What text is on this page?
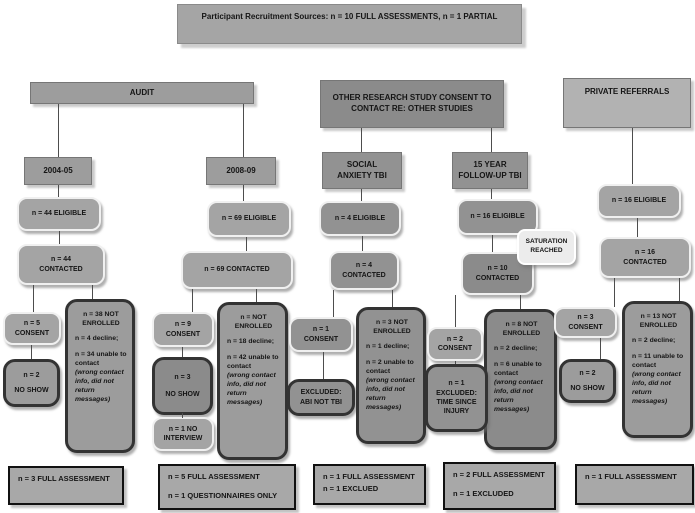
Participant Recruitment Sources: n = 10 FULL ASSESSMENTS, n = 1 PARTIAL
AUDIT
OTHER RESEARCH STUDY CONSENT TO CONTACT RE: OTHER STUDIES
PRIVATE REFERRALS
2004-05	2008-09
SOCIAL ANXIETY TBI
15 YEAR FOLLOW-UP TBI
n = 44 ELIGIBLE
n = 44
CONTACTED
n = 5
CONSENT
n = 2
NO SHOW
n = 38 NOT ENROLLED
n = 4 decline;
n = 34 unable to contact
(wrong contact info, did not return messages)
n = 69 ELIGIBLE
n = 69 CONTACTED
n = 9
CONSENT
n = 3
NO SHOW
n = 1 NO
INTERVIEW
n = NOT ENROLLED
n = 18 decline;
n = 42 unable to contact
(wrong contact info, did not return messages)
n = 4 ELIGIBLE
n = 4
CONTACTED
n = 1
CONSENT
EXCLUDED:
ABI NOT TBI
n = 3 NOT ENROLLED
n = 1 decline;
n = 2 unable to contact
(wrong contact info, did not return messages)
n = 16 ELIGIBLE
SATURATION
REACHED
n = 10
CONTACTED
n = 2
CONSENT
n = 1
EXCLUDED:
TIME SINCE
INJURY
n = 8 NOT ENROLLED
n = 2 decline;
n = 6 unable to contact
(wrong contact info, did not return messages)
n = 16 ELIGIBLE
n = 16
CONTACTED
n = 3
CONSENT
n = 2
NO SHOW
n = 13 NOT ENROLLED
n = 2 decline;
n = 11 unable to contact
(wrong contact info, did not return messages)
n = 3 FULL ASSESSMENT	n = 5 FULL ASSESSMENT
n = 1 QUESTIONNAIRES ONLY
n = 1 FULL ASSESSMENT
n = 1 EXCLUED
n = 2 FULL ASSESSMENT
n = 1 EXCLUDED
n = 1 FULL ASSESSMENT
